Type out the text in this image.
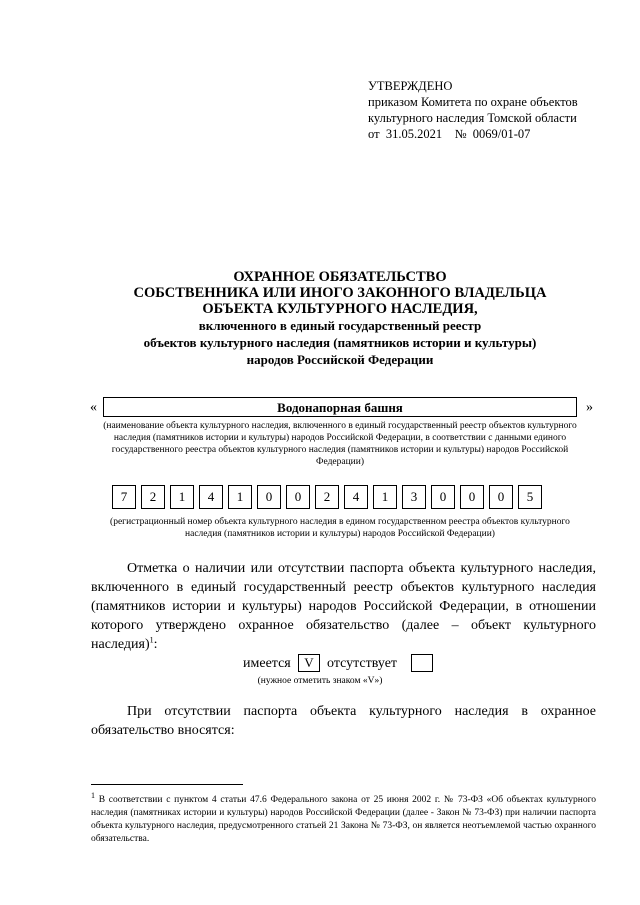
УТВЕРЖДЕНО
приказом Комитета по охране объектов
культурного наследия Томской области
от 31.05.2021 № 0069/01-07
ОХРАННОЕ ОБЯЗАТЕЛЬСТВО
СОБСТВЕННИКА ИЛИ ИНОГО ЗАКОННОГО ВЛАДЕЛЬЦА
ОБЪЕКТА КУЛЬТУРНОГО НАСЛЕДИЯ,
включенного в единый государственный реестр
объектов культурного наследия (памятников истории и культуры)
народов Российской Федерации
«	Водонапорная башня	»
(наименование объекта культурного наследия, включенного в единый государственный реестр объектов культурного наследия (памятников истории и культуры) народов Российской Федерации, в соответствии с данными единого государственного реестра объектов культурного наследия (памятников истории и культуры) народов Российской Федерации)
7	2	1	4	1	0	0	2	4	1	3	0	0	0	5
(регистрационный номер объекта культурного наследия в едином государственном реестра объектов культурного наследия (памятников истории и культуры) народов Российской Федерации)
Отметка о наличии или отсутствии паспорта объекта культурного наследия, включенного в единый государственный реестр объектов культурного наследия (памятников истории и культуры) народов Российской Федерации, в отношении которого утверждено охранное обязательство (далее – объект культурного наследия)$^1$:
имеется	V отсутствует
(нужное отметить знаком «V»)
При отсутствии паспорта объекта культурного наследия в охранное обязательство вносятся:
$^1$ В соответствии с пунктом 4 статьи 47.6 Федерального закона от 25 июня 2002 г. № 73-ФЗ «Об объектах культурного наследия (памятниках истории и культуры) народов Российской Федерации (далее - Закон № 73-ФЗ) при наличии паспорта объекта культурного наследия, предусмотренного статьей 21 Закона № 73-ФЗ, он является неотъемлемой частью охранного обязательства.
